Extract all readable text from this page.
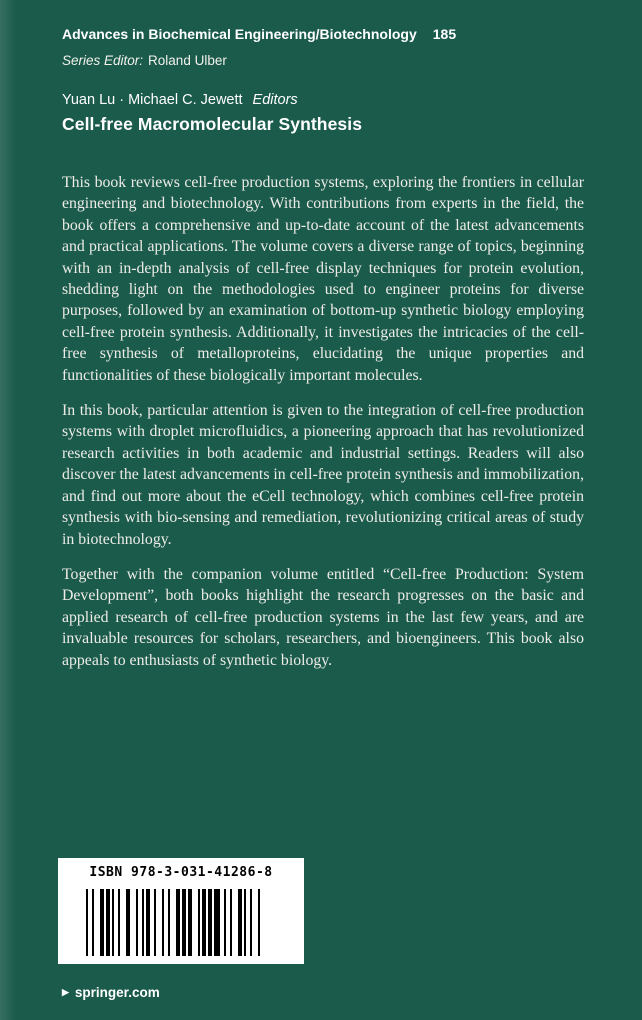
Advances in Biochemical Engineering/Biotechnology 185
Series Editor: Roland Ulber
Yuan Lu · Michael C. Jewett Editors
Cell-free Macromolecular Synthesis

This book reviews cell-free production systems, exploring the frontiers in cellular engineering and biotechnology. With contributions from experts in the field, the book offers a comprehensive and up-to-date account of the latest advancements and practical applications. The volume covers a diverse range of topics, beginning with an in-depth analysis of cell-free display techniques for protein evolution, shedding light on the methodologies used to engineer proteins for diverse purposes, followed by an examination of bottom-up synthetic biology employing cell-free protein synthesis. Additionally, it investigates the intricacies of the cell-free synthesis of metalloproteins, elucidating the unique properties and functionalities of these biologically important molecules.

In this book, particular attention is given to the integration of cell-free production systems with droplet microfluidics, a pioneering approach that has revolutionized research activities in both academic and industrial settings. Readers will also discover the latest advancements in cell-free protein synthesis and immobilization, and find out more about the eCell technology, which combines cell-free protein synthesis with bio-sensing and remediation, revolutionizing critical areas of study in biotechnology.

Together with the companion volume entitled “Cell-free Production: System Development”, both books highlight the research progresses on the basic and applied research of cell-free production systems in the last few years, and are invaluable resources for scholars, researchers, and bioengineers. This book also appeals to enthusiasts of synthetic biology.

ISBN 978-3-031-41286-8
▶ springer.com
